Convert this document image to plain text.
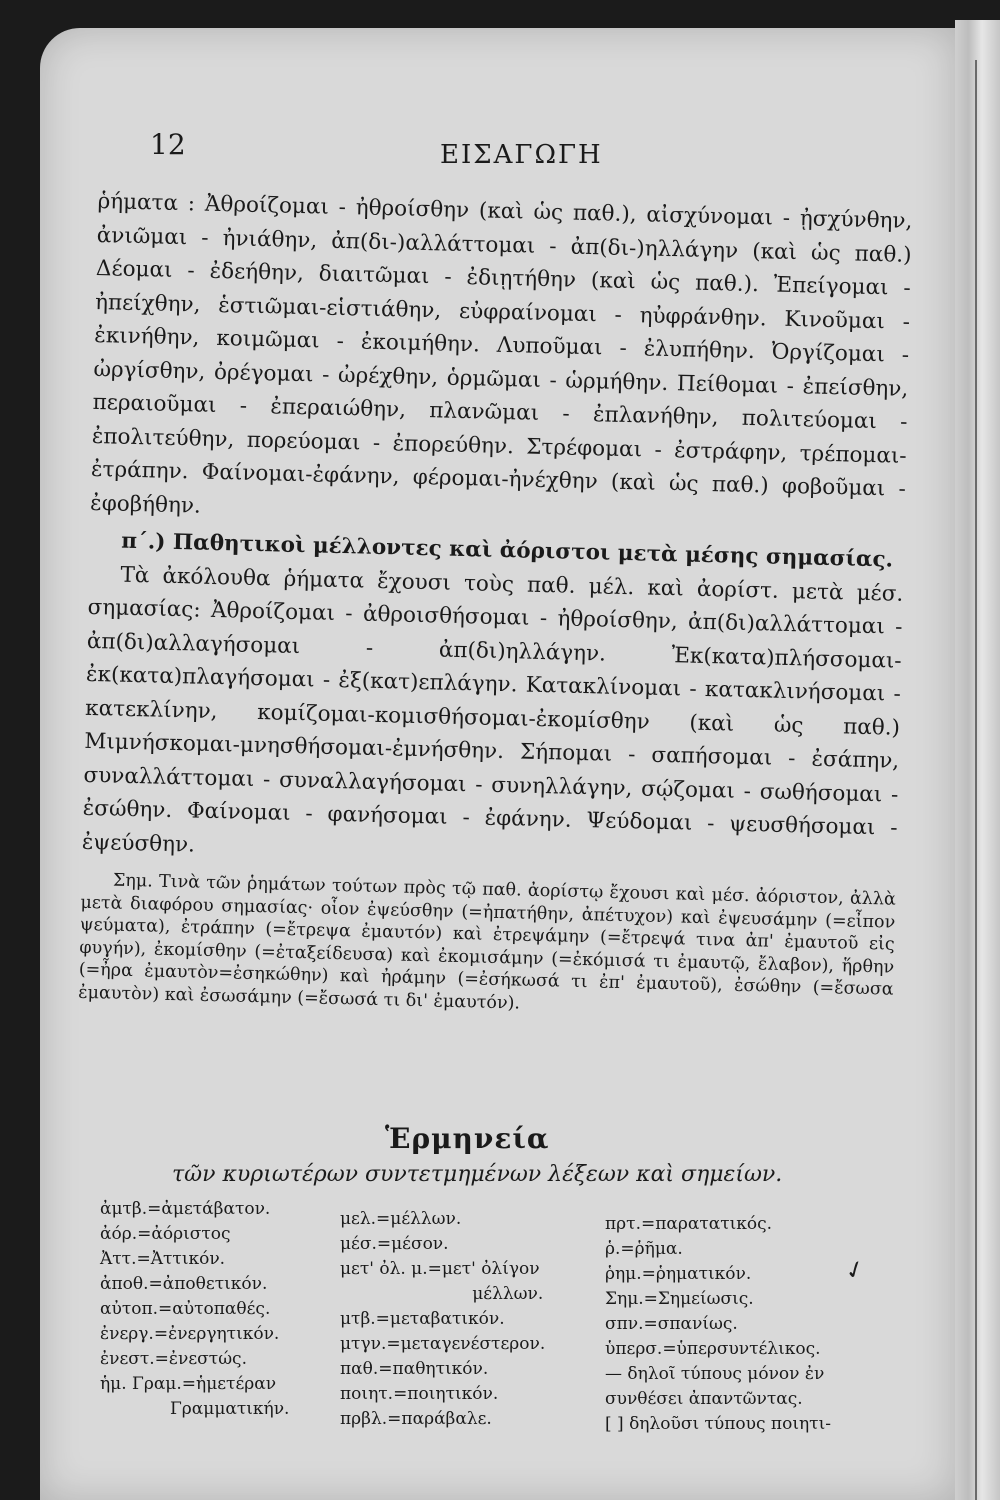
12	ΕΙΣΑΓΩΓΗ

ῥήματα : Ἀθροίζομαι - ἠθροίσθην (καὶ ὡς παθ.), αἰσχύνομαι - ᾐσχύνθην, ἀνιῶμαι - ἠνιάθην, ἀπ(δι-)αλλάττομαι - ἀπ(δι-)ηλλάγην (καὶ ὡς παθ.) Δέομαι - ἐδεήθην, διαιτῶμαι - ἐδιῃτήθην (καὶ ὡς παθ.). Ἐπείγομαι - ἠπείχθην, ἑστιῶμαι-εἱστιάθην, εὐφραίνομαι - ηὐφράνθην. Κινοῦμαι - ἐκινήθην, κοιμῶμαι - ἐκοιμήθην. Λυποῦμαι - ἐλυπήθην. Ὀργίζομαι - ὠργίσθην, ὀρέγομαι - ὠρέχθην, ὁρμῶμαι - ὡρμήθην. Πείθομαι - ἐπείσθην, περαιοῦμαι - ἐπεραιώθην, πλανῶμαι - ἐπλανήθην, πολιτεύομαι - ἐπολιτεύθην, πορεύομαι - ἐπορεύθην. Στρέφομαι - ἐστράφην, τρέπομαι-ἐτράπην. Φαίνομαι-ἐφάνην, φέρομαι-ἠνέχθην (καὶ ὡς παθ.) φοβοῦμαι - ἐφοβήθην.

π΄.) Παθητικοὶ μέλλοντες καὶ ἀόριστοι μετὰ μέσης σημασίας.

Τὰ ἀκόλουθα ῥήματα ἔχουσι τοὺς παθ. μέλ. καὶ ἀορίστ. μετὰ μέσ. σημασίας: Ἀθροίζομαι - ἀθροισθήσομαι - ἠθροίσθην, ἀπ(δι)αλλάττομαι - ἀπ(δι)αλλαγήσομαι - ἀπ(δι)ηλλάγην. Ἐκ(κατα)πλήσσομαι-ἐκ(κατα)πλαγήσομαι - ἐξ(κατ)επλάγην. Κατακλίνομαι - κατακλινήσομαι - κατεκλίνην, κομίζομαι-κομισθήσομαι-ἐκομίσθην (καὶ ὡς παθ.) Μιμνήσκομαι-μνησθήσομαι-ἐμνήσθην. Σήπομαι - σαπήσομαι - ἐσάπην, συναλλάττομαι - συναλλαγήσομαι - συνηλλάγην, σῴζομαι - σωθήσομαι - ἐσώθην. Φαίνομαι - φανήσομαι - ἐφάνην. Ψεύδομαι - ψευσθήσομαι - ἐψεύσθην.

Σημ. Τινὰ τῶν ῥημάτων τούτων πρὸς τῷ παθ. ἀορίστῳ ἔχουσι καὶ μέσ. ἀόριστον, ἀλλὰ μετὰ διαφόρου σημασίας· οἷον ἐψεύσθην (=ἠπατήθην, ἀπέτυχον) καὶ ἐψευσάμην (=εἶπον ψεύματα), ἐτράπην (=ἔτρεψα ἐμαυτόν) καὶ ἐτρεψάμην (=ἔτρεψά τινα ἀπ' ἐμαυτοῦ εἰς φυγήν), ἐκομίσθην (=ἐταξείδευσα) καὶ ἐκομισάμην (=ἐκόμισά τι ἐμαυτῷ, ἔλαβον), ἥρθην (=ἦρα ἐμαυτὸν=ἐσηκώθην) καὶ ἠράμην (=ἐσήκωσά τι ἐπ' ἐμαυτοῦ), ἐσώθην (=ἔσωσα ἐμαυτὸν) καὶ ἐσωσάμην (=ἔσωσά τι δι' ἐμαυτόν).

Ἑρμηνεία
τῶν κυριωτέρων συντετμημένων λέξεων καὶ σημείων.
ἀμτβ.=ἀμετάβατον.
ἀόρ.=ἀόριστος
Ἀττ.=Ἀττικόν.
ἀποθ.=ἀποθετικόν.
αὐτοπ.=αὐτοπαθές.
ἐνεργ.=ἐνεργητικόν.
ἐνεστ.=ἐνεστώς.
ἡμ. Γραμ.=ἡμετέραν
Γραμματικήν.
μελ.=μέλλων.
μέσ.=μέσον.
μετ' ὀλ. μ.=μετ' ὀλίγον
μέλλων.
μτβ.=μεταβατικόν.
μτγν.=μεταγενέστερον.
παθ.=παθητικόν.
ποιητ.=ποιητικόν.
πρβλ.=παράβαλε.
πρτ.=παρατατικός.
ῥ.=ῥῆμα.
ῥημ.=ῥηματικόν.
Σημ.=Σημείωσις.
σπν.=σπανίως.
ὑπερσ.=ὑπερσυντέλικος.
— δηλοῖ τύπους μόνον ἐν
συνθέσει ἀπαντῶντας.
[ ] δηλοῦσι τύπους ποιητι-
✓
